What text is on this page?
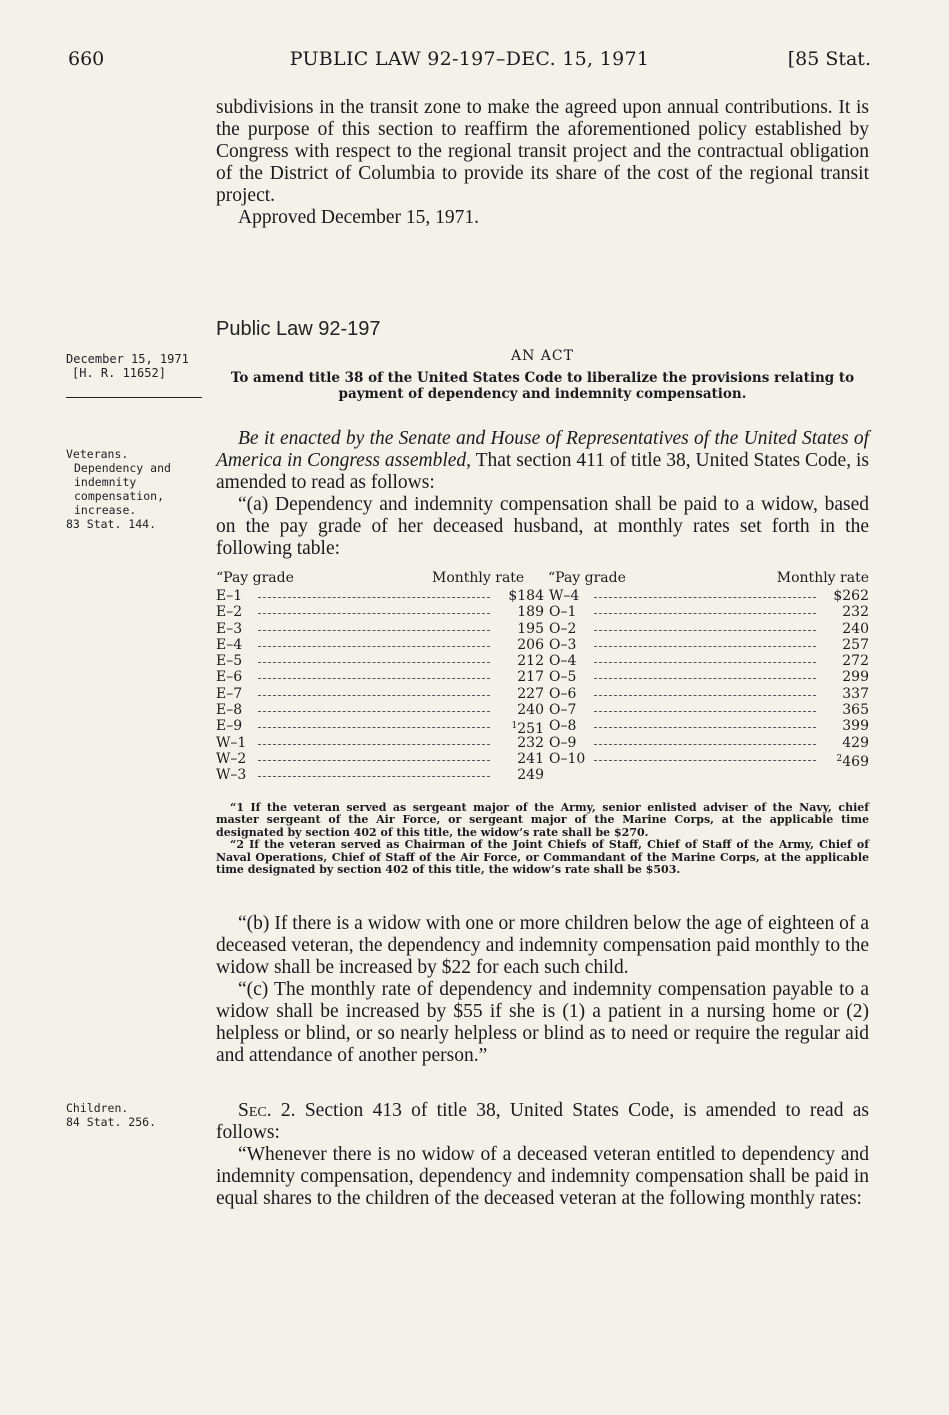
660	PUBLIC LAW 92-197–DEC. 15, 1971	[85 Stat.
subdivisions in the transit zone to make the agreed upon annual contributions. It is the purpose of this section to reaffirm the aforementioned policy established by Congress with respect to the regional transit project and the contractual obligation of the District of Columbia to provide its share of the cost of the regional transit project.
Approved December 15, 1971.
Public Law 92-197
December 15, 1971
[H. R. 11652]
AN ACT
To amend title 38 of the United States Code to liberalize the provisions relating to payment of dependency and indemnity compensation.
Veterans.
Dependency and indemnity compensation, increase.
83 Stat. 144.
Be it enacted by the Senate and House of Representatives of the United States of America in Congress assembled, That section 411 of title 38, United States Code, is amended to read as follows:
“(a) Dependency and indemnity compensation shall be paid to a widow, based on the pay grade of her deceased husband, at monthly rates set forth in the following table:
“Pay grade	Monthly rate “Pay grade	Monthly rate
E–1	$184 W–4	$262
E–2	189 O–1	232
E–3	195 O–2	240
E–4	206 O–3	257
E–5	212 O–4	272
E–6	217 O–5	299
E–7	227 O–6	337
E–8	240 O–7	365
E–9	$^1$251 O–8	399
W–1	232 O–9	429
W–2	241 O–10	$^2$469
W–3	249

“1 If the veteran served as sergeant major of the Army, senior enlisted adviser of the Navy, chief master sergeant of the Air Force, or sergeant major of the Marine Corps, at the applicable time designated by section 402 of this title, the widow’s rate shall be $270.

“2 If the veteran served as Chairman of the Joint Chiefs of Staff, Chief of Staff of the Army, Chief of Naval Operations, Chief of Staff of the Air Force, or Commandant of the Marine Corps, at the applicable time designated by section 402 of this title, the widow’s rate shall be $503.

“(b) If there is a widow with one or more children below the age of eighteen of a deceased veteran, the dependency and indemnity compensation paid monthly to the widow shall be increased by $22 for each such child.
“(c) The monthly rate of dependency and indemnity compensation payable to a widow shall be increased by $55 if she is (1) a patient in a nursing home or (2) helpless or blind, or so nearly helpless or blind as to need or require the regular aid and attendance of another person.”
Children.
84 Stat. 256.
Sec. 2. Section 413 of title 38, United States Code, is amended to read as follows:
“Whenever there is no widow of a deceased veteran entitled to dependency and indemnity compensation, dependency and indemnity compensation shall be paid in equal shares to the children of the deceased veteran at the following monthly rates:
